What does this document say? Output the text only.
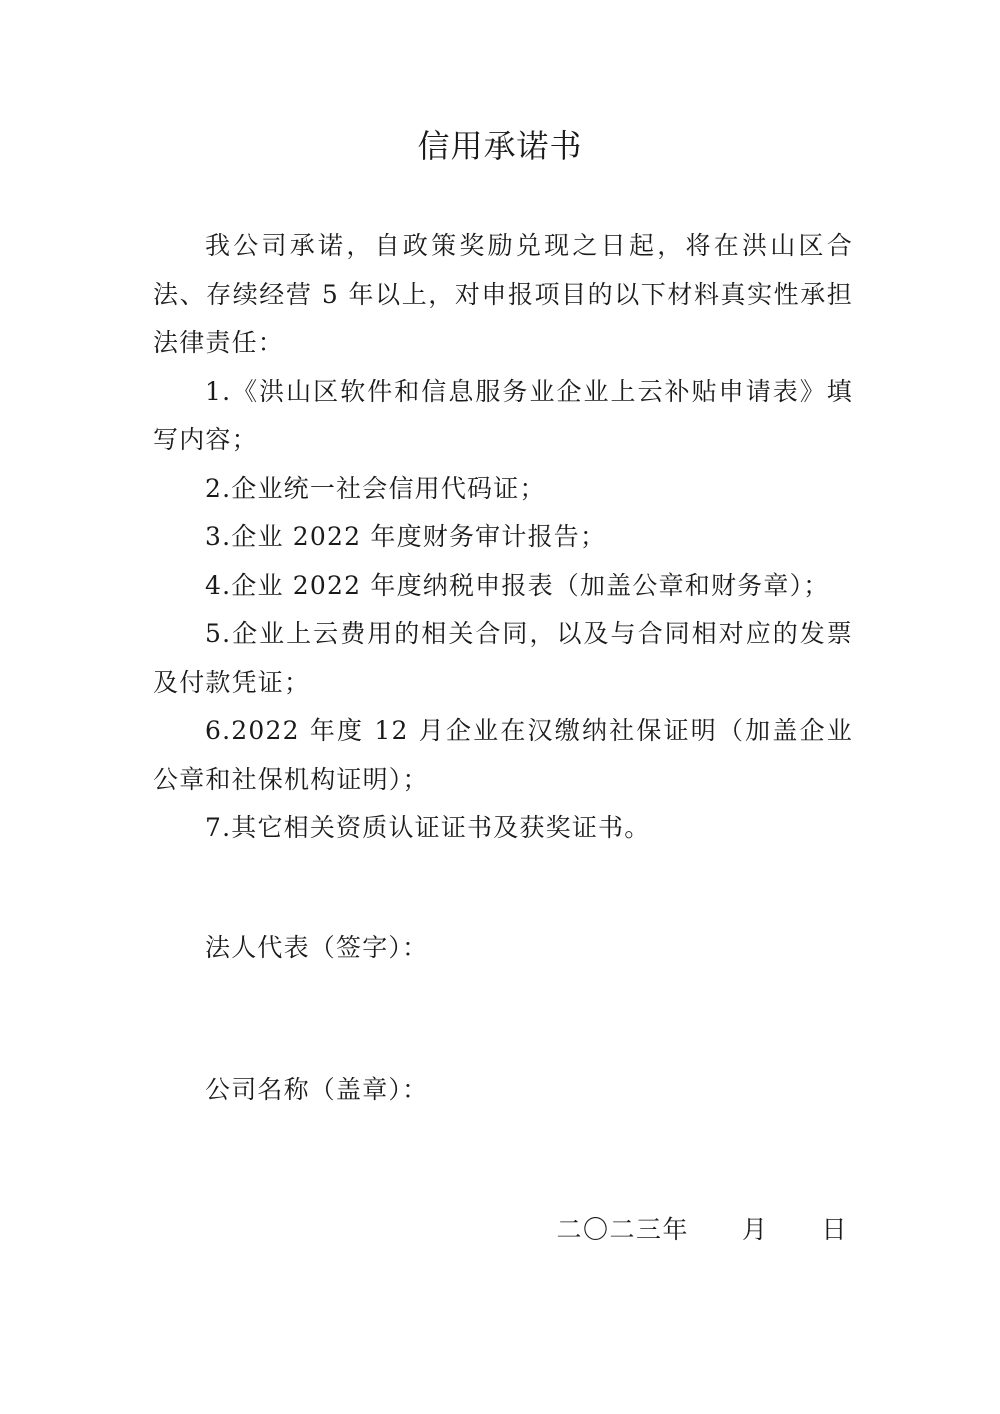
信用承诺书

我公司承诺，自政策奖励兑现之日起，将在洪山区合法、存续经营 5 年以上，对申报项目的以下材料真实性承担法律责任：

1.《洪山区软件和信息服务业企业上云补贴申请表》填写内容；

2.企业统一社会信用代码证；

3.企业 2022 年度财务审计报告；

4.企业 2022 年度纳税申报表（加盖公章和财务章）；

5.企业上云费用的相关合同，以及与合同相对应的发票及付款凭证；

6.2022 年度 12 月企业在汉缴纳社保证明（加盖企业公章和社保机构证明）；

7.其它相关资质认证证书及获奖证书。

法人代表（签字）：
公司名称（盖章）：
二〇二三年　　月　　日
